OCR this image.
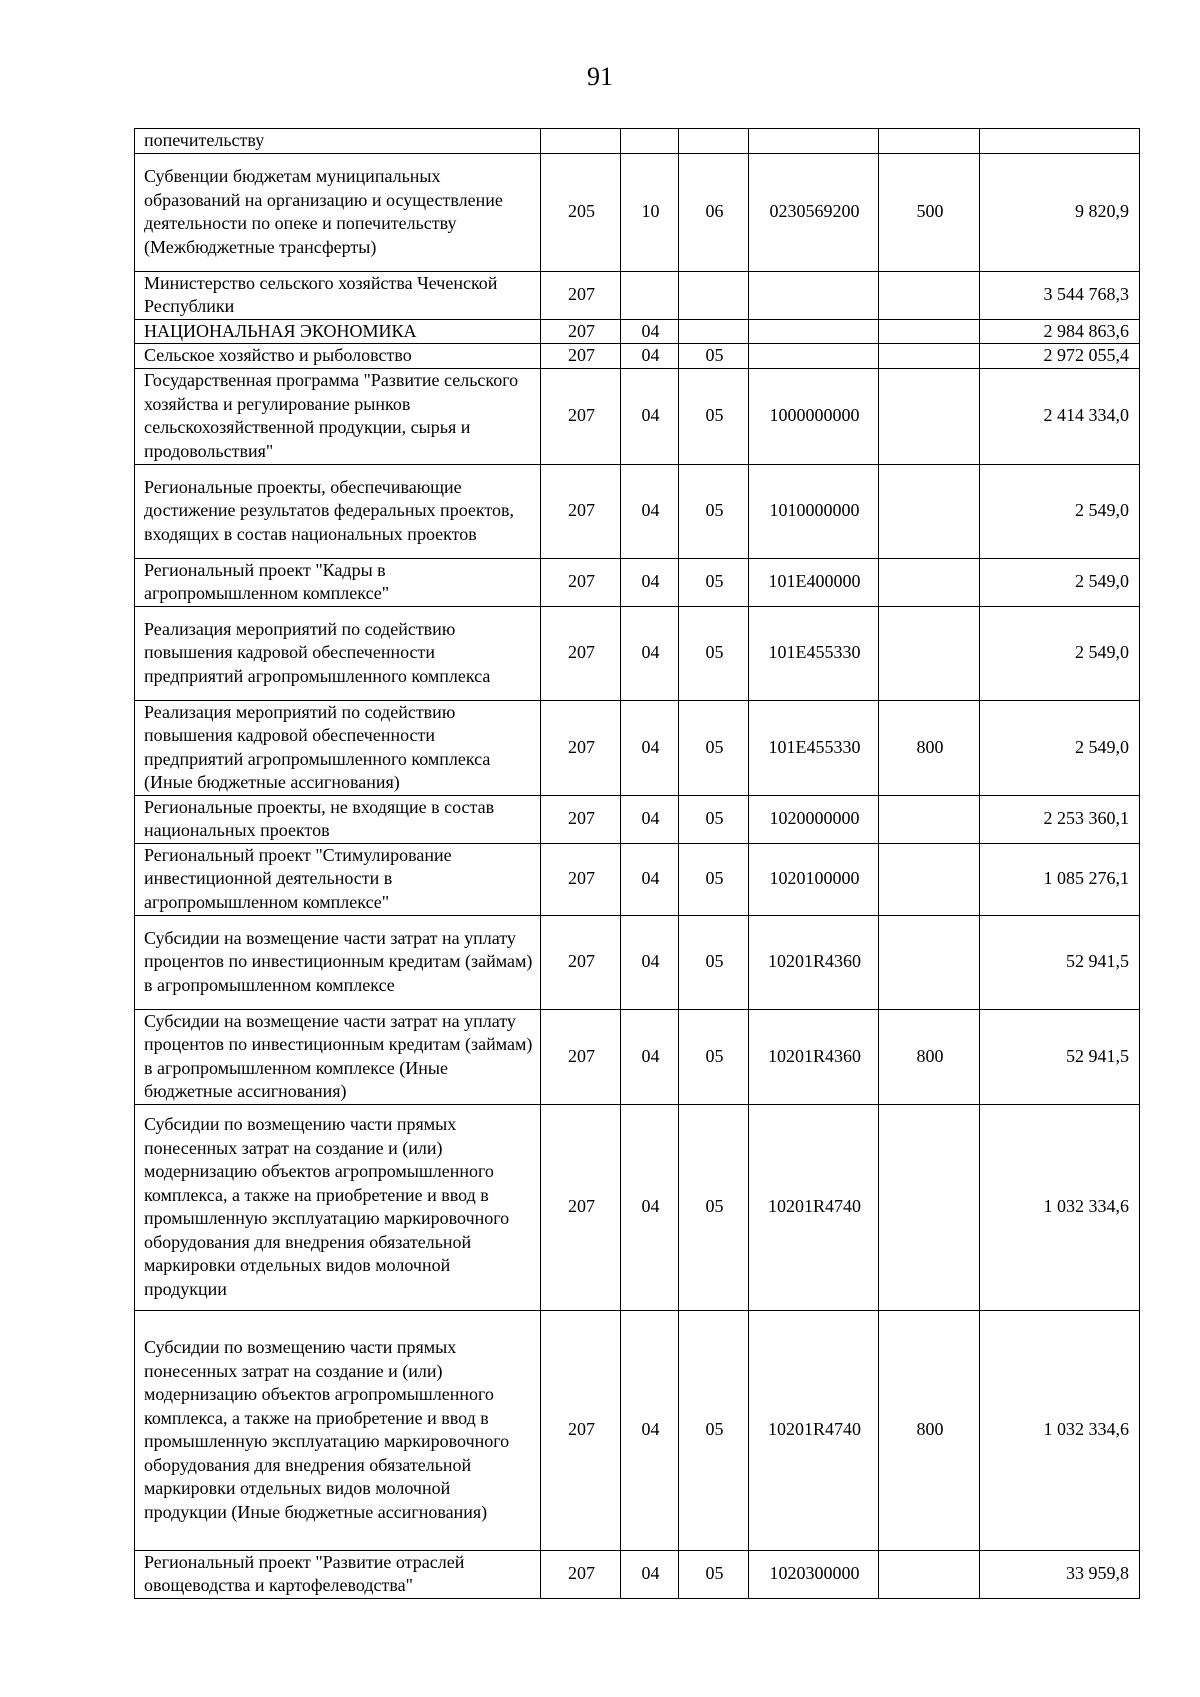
91
попечительству						
Субвенции бюджетам муниципальных образований на организацию и осуществление деятельности по опеке и попечительству (Межбюджетные трансферты)	205	10	06	0230569200	500	9 820,9
Министерство сельского хозяйства Чеченской Республики	207					3 544 768,3
НАЦИОНАЛЬНАЯ ЭКОНОМИКА	207	04				2 984 863,6
Сельское хозяйство и рыболовство	207	04	05			2 972 055,4
Государственная программа "Развитие сельского хозяйства и регулирование рынков сельскохозяйственной продукции, сырья и продовольствия"	207	04	05	1000000000		2 414 334,0
Региональные проекты, обеспечивающие достижение результатов федеральных проектов, входящих в состав национальных проектов	207	04	05	1010000000		2 549,0
Региональный проект "Кадры в агропромышленном комплексе"	207	04	05	101Е400000		2 549,0
Реализация мероприятий по содействию повышения кадровой обеспеченности предприятий агропромышленного комплекса	207	04	05	101Е455330		2 549,0
Реализация мероприятий по содействию повышения кадровой обеспеченности предприятий агропромышленного комплекса (Иные бюджетные ассигнования)	207	04	05	101Е455330	800	2 549,0
Региональные проекты, не входящие в состав национальных проектов	207	04	05	1020000000		2 253 360,1
Региональный проект "Стимулирование инвестиционной деятельности в агропромышленном комплексе"	207	04	05	1020100000		1 085 276,1
Субсидии на возмещение части затрат на уплату процентов по инвестиционным кредитам (займам) в агропромышленном комплексе	207	04	05	10201R4360		52 941,5
Субсидии на возмещение части затрат на уплату процентов по инвестиционным кредитам (займам) в агропромышленном комплексе (Иные бюджетные ассигнования)	207	04	05	10201R4360	800	52 941,5
Субсидии по возмещению части прямых понесенных затрат на создание и (или) модернизацию объектов агропромышленного комплекса, а также на приобретение и ввод в промышленную эксплуатацию маркировочного оборудования для внедрения обязательной маркировки отдельных видов молочной продукции	207	04	05	10201R4740		1 032 334,6
Субсидии по возмещению части прямых понесенных затрат на создание и (или) модернизацию объектов агропромышленного комплекса, а также на приобретение и ввод в промышленную эксплуатацию маркировочного оборудования для внедрения обязательной маркировки отдельных видов молочной продукции (Иные бюджетные ассигнования)	207	04	05	10201R4740	800	1 032 334,6
Региональный проект "Развитие отраслей овощеводства и картофелеводства"	207	04	05	1020300000		33 959,8
